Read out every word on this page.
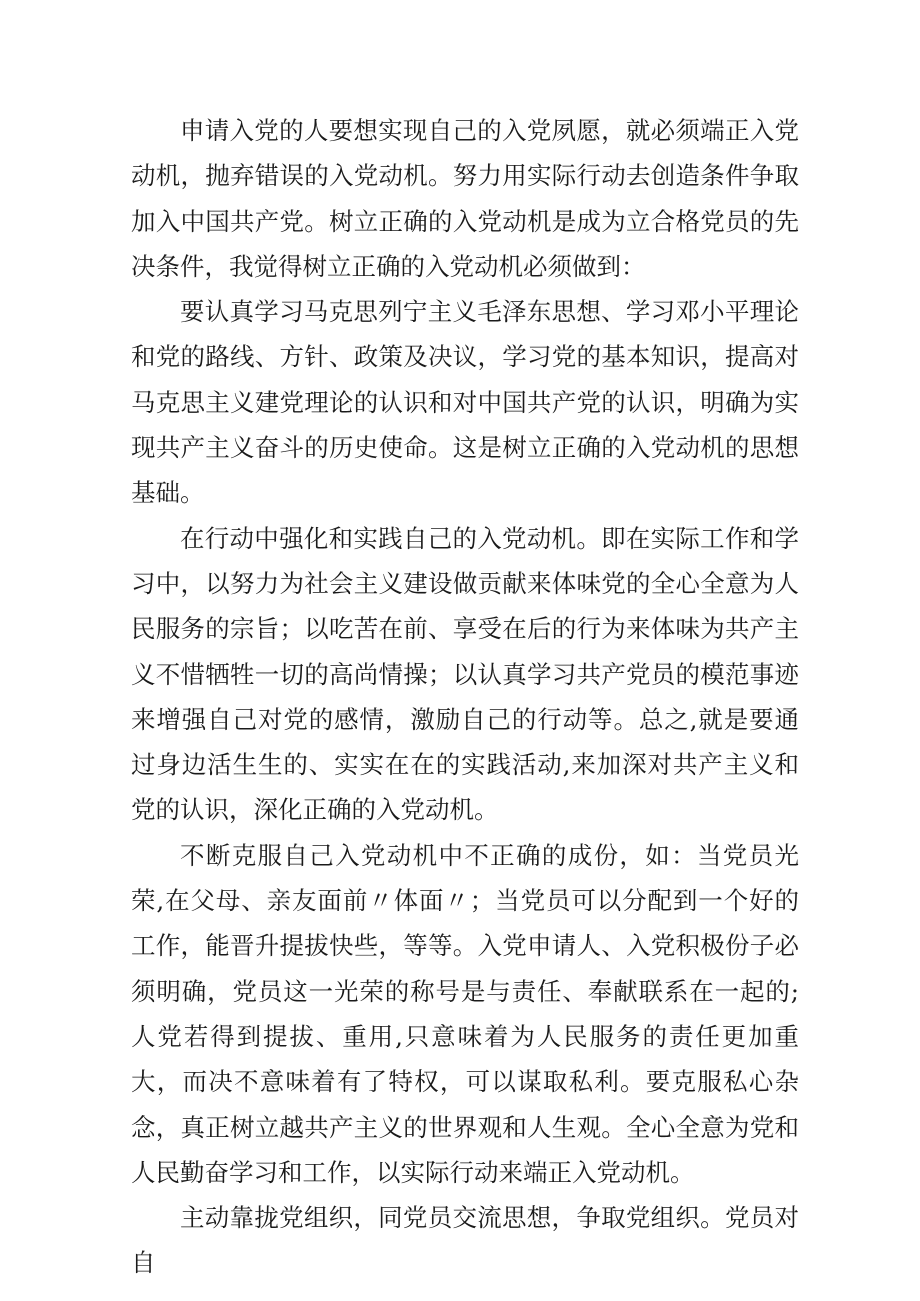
申请入党的人要想实现自己的入党夙愿，就必须端正入党动机，抛弃错误的入党动机。努力用实际行动去创造条件争取加入中国共产党。树立正确的入党动机是成为立合格党员的先决条件，我觉得树立正确的入党动机必须做到：

要认真学习马克思列宁主义毛泽东思想、学习邓小平理论和党的路线、方针、政策及决议，学习党的基本知识，提高对马克思主义建党理论的认识和对中国共产党的认识，明确为实现共产主义奋斗的历史使命。这是树立正确的入党动机的思想基础。

在行动中强化和实践自己的入党动机。即在实际工作和学习中，以努力为社会主义建设做贡献来体味党的全心全意为人民服务的宗旨；以吃苦在前、享受在后的行为来体味为共产主义不惜牺牲一切的高尚情操；以认真学习共产党员的模范事迹来增强自己对党的感情，激励自己的行动等。总之,就是要通过身边活生生的、实实在在的实践活动,来加深对共产主义和党的认识，深化正确的入党动机。

不断克服自己入党动机中不正确的成份，如：当党员光荣,在父母、亲友面前〃体面〃；当党员可以分配到一个好的工作，能晋升提拔快些，等等。入党申请人、入党积极份子必须明确，党员这一光荣的称号是与责任、奉献联系在一起的;人党若得到提拔、重用,只意味着为人民服务的责任更加重大，而决不意味着有了特权，可以谋取私利。要克服私心杂念，真正树立越共产主义的世界观和人生观。全心全意为党和人民勤奋学习和工作，以实际行动来端正入党动机。

主动靠拢党组织，同党员交流思想，争取党组织。党员对自
